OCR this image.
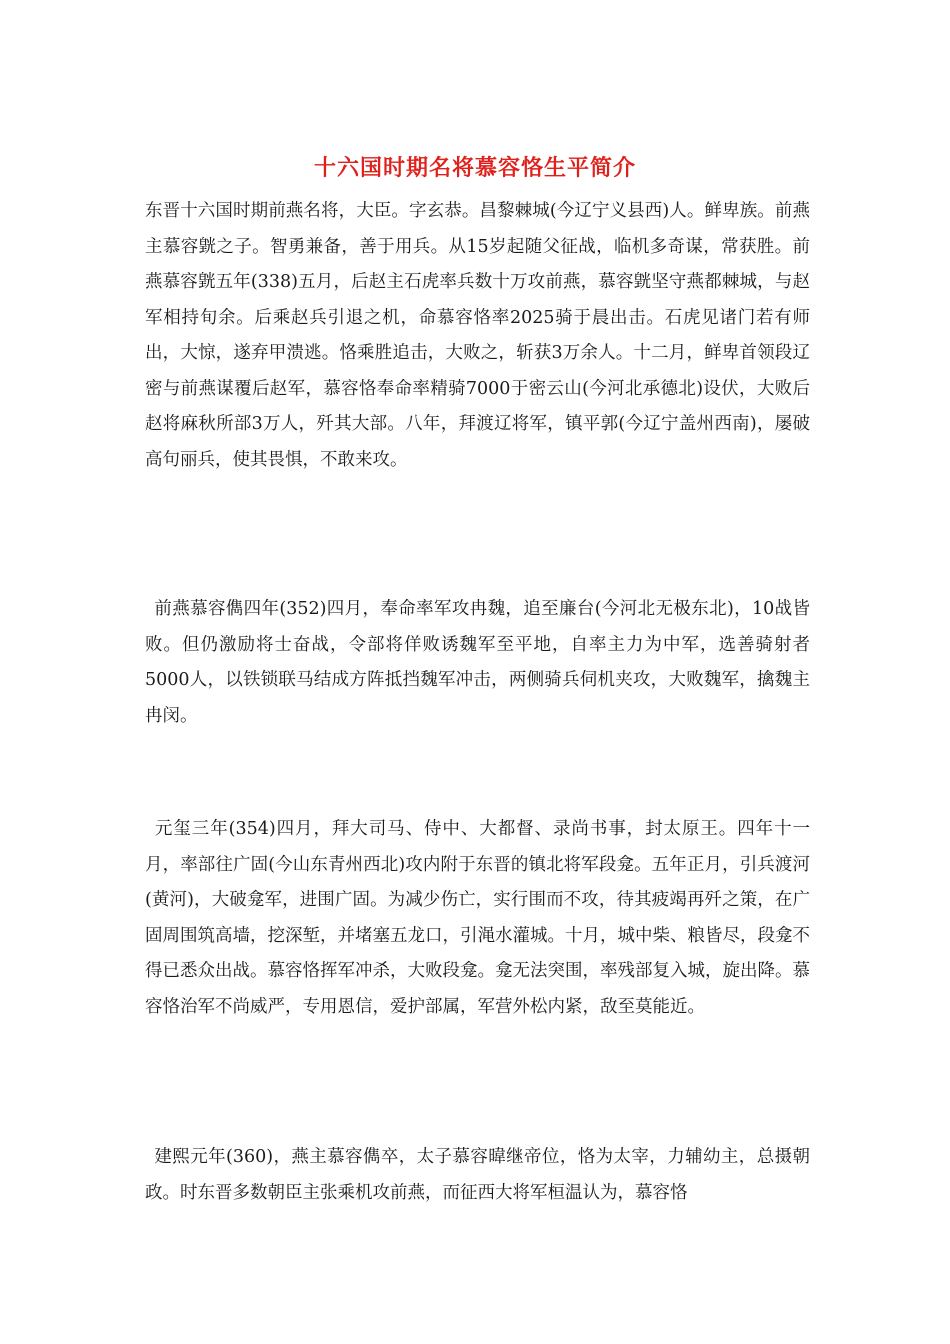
十六国时期名将慕容恪生平简介

东晋十六国时期前燕名将，大臣。字玄恭。昌黎棘城(今辽宁义县西)人。鲜卑族。前燕主慕容皝之子。智勇兼备，善于用兵。从15岁起随父征战，临机多奇谋，常获胜。前燕慕容皝五年(338)五月，后赵主石虎率兵数十万攻前燕，慕容皝坚守燕都棘城，与赵军相持旬余。后乘赵兵引退之机，命慕容恪率2025骑于晨出击。石虎见诸门若有师出，大惊，遂弃甲溃逃。恪乘胜追击，大败之，斩获3万余人。十二月，鲜卑首领段辽密与前燕谋覆后赵军，慕容恪奉命率精骑7000于密云山(今河北承德北)设伏，大败后赵将麻秋所部3万人，歼其大部。八年，拜渡辽将军，镇平郭(今辽宁盖州西南)，屡破高句丽兵，使其畏惧，不敢来攻。

前燕慕容儁四年(352)四月，奉命率军攻冉魏，追至廉台(今河北无极东北)，10战皆败。但仍激励将士奋战，令部将佯败诱魏军至平地，自率主力为中军，选善骑射者5000人，以铁锁联马结成方阵抵挡魏军冲击，两侧骑兵伺机夹攻，大败魏军，擒魏主冉闵。

元玺三年(354)四月，拜大司马、侍中、大都督、录尚书事，封太原王。四年十一月，率部往广固(今山东青州西北)攻内附于东晋的镇北将军段龛。五年正月，引兵渡河(黄河)，大破龛军，进围广固。为减少伤亡，实行围而不攻，待其疲竭再歼之策，在广固周围筑高墙，挖深堑，并堵塞五龙口，引渑水灌城。十月，城中柴、粮皆尽，段龛不得已悉众出战。慕容恪挥军冲杀，大败段龛。龛无法突围，率残部复入城，旋出降。慕容恪治军不尚威严，专用恩信，爱护部属，军营外松内紧，敌至莫能近。

建熙元年(360)，燕主慕容儁卒，太子慕容暐继帝位，恪为太宰，力辅幼主，总摄朝政。时东晋多数朝臣主张乘机攻前燕，而征西大将军桓温认为，慕容恪
